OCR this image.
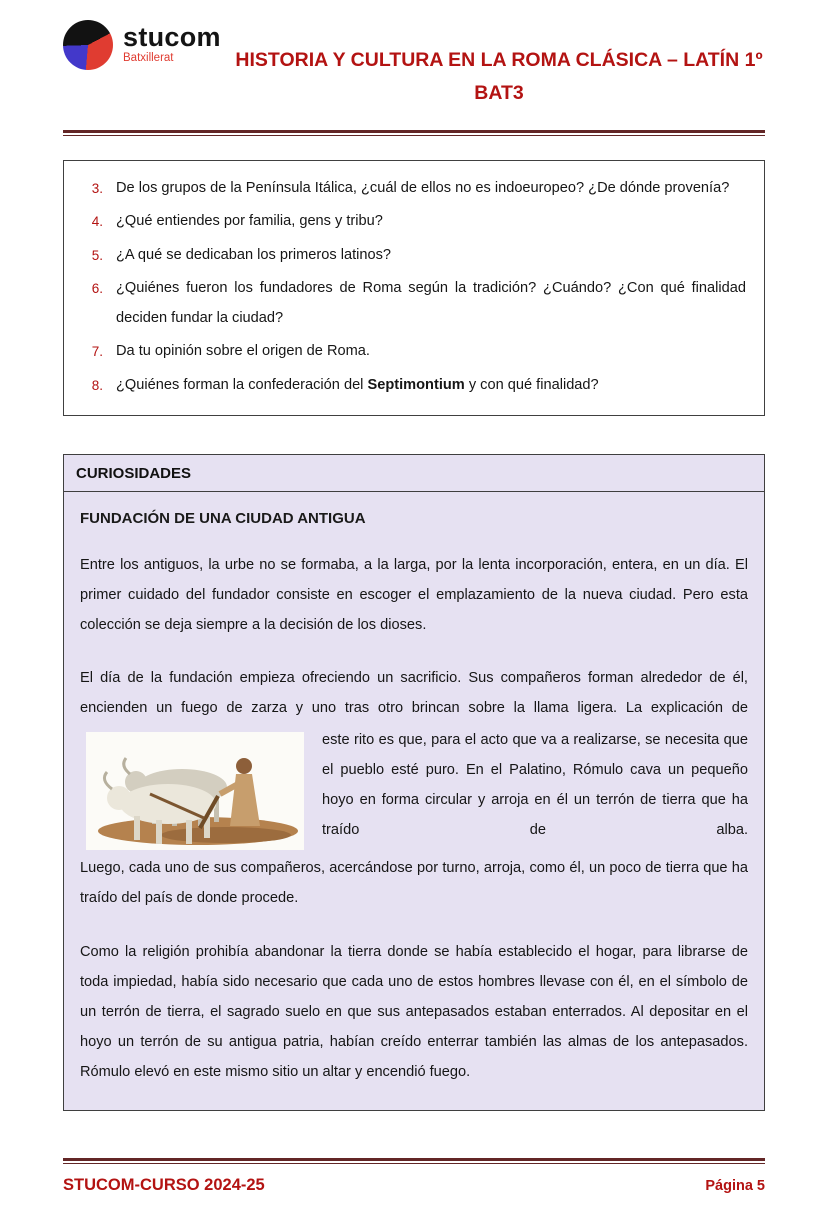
stucom
Batxillerat	HISTORIA Y CULTURA EN LA ROMA CLÁSICA – LATÍN 1º
BAT3
3. De los grupos de la Península Itálica, ¿cuál de ellos no es indoeuropeo? ¿De dónde provenía?
4. ¿Qué entiendes por familia, gens y tribu?
5. ¿A qué se dedicaban los primeros latinos?
6. ¿Quiénes fueron los fundadores de Roma según la tradición? ¿Cuándo? ¿Con qué finalidad deciden fundar la ciudad?
7. Da tu opinión sobre el origen de Roma.
8. ¿Quiénes forman la confederación del Septimontium y con qué finalidad?
CURIOSIDADES
FUNDACIÓN DE UNA CIUDAD ANTIGUA

Entre los antiguos, la urbe no se formaba, a la larga, por la lenta incorporación, entera, en un día. El primer cuidado del fundador consiste en escoger el emplazamiento de la nueva ciudad. Pero esta colección se deja siempre a la decisión de los dioses.

El día de la fundación empieza ofreciendo un sacrificio. Sus compañeros forman alrededor de él, encienden un fuego de zarza y uno tras otro brincan sobre la llama ligera. La explicación de

este rito es que, para el acto que va a realizarse, se necesita que el pueblo esté puro. En el Palatino, Rómulo cava un pequeño hoyo en forma circular y arroja en él un terrón de tierra que ha traído de alba.

Luego, cada uno de sus compañeros, acercándose por turno, arroja, como él, un poco de tierra que ha traído del país de donde procede.

Como la religión prohibía abandonar la tierra donde se había establecido el hogar, para librarse de toda impiedad, había sido necesario que cada uno de estos hombres llevase con él, en el símbolo de un terrón de tierra, el sagrado suelo en que sus antepasados estaban enterrados. Al depositar en el hoyo un terrón de su antigua patria, habían creído enterrar también las almas de los antepasados. Rómulo elevó en este mismo sitio un altar y encendió fuego.

STUCOM-CURSO 2024-25	Página 5
